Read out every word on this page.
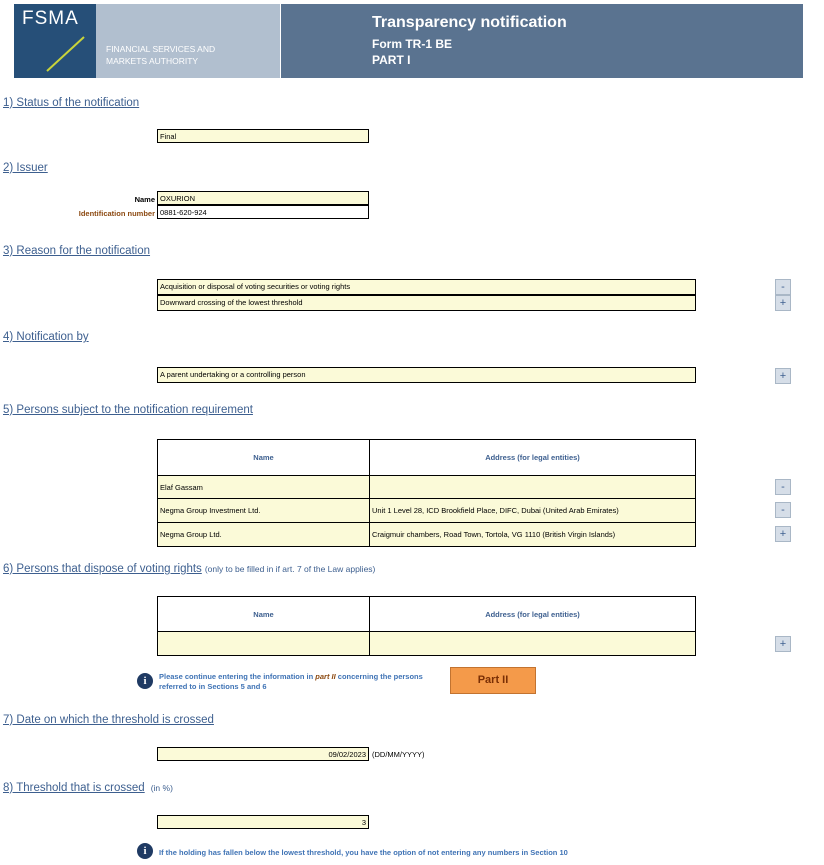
FSMA
FINANCIAL SERVICES AND
MARKETS AUTHORITY
Transparency notification
Form TR-1 BE
PART I
1) Status of the notification
Final
2) Issuer
Name OXURION
Identification number 0881-620-924
3) Reason for the notification
Acquisition or disposal of voting securities or voting rights
Downward crossing of the lowest threshold
-
+
4) Notification by
A parent undertaking or a controlling person	+
5) Persons subject to the notification requirement
Name	Address (for legal entities)
Elaf Gassam	
Negma Group Investment Ltd.	Unit 1 Level 28, ICD Brookfield Place, DIFC, Dubai (United Arab Emirates)
Negma Group Ltd.	Craigmuir chambers, Road Town, Tortola, VG 1110 (British Virgin Islands)
-
-
+
6) Persons that dispose of voting rights (only to be filled in if art. 7 of the Law applies)
Name	Address (for legal entities)

+
i	Please continue entering the information in part II concerning the persons referred to in Sections 5 and 6
Part II
7) Date on which the threshold is crossed
09/02/2023 (DD/MM/YYYY)
8) Threshold that is crossed (in %)
3
i	If the holding has fallen below the lowest threshold, you have the option of not entering any numbers in Section 10
